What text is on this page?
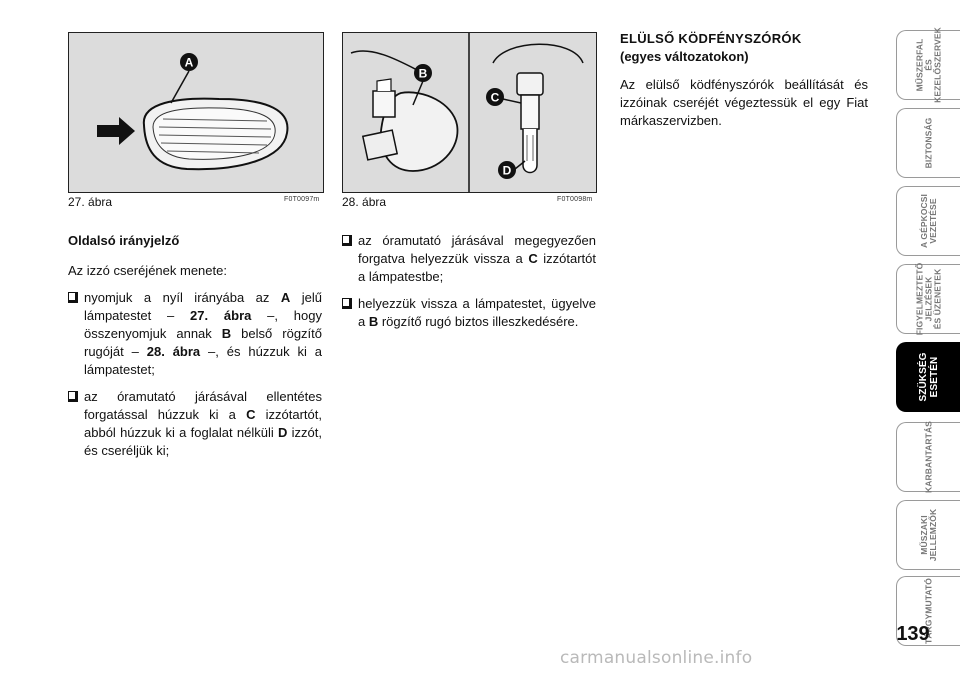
A
27. ábra	F0T0097m
B
C
D
28. ábra	F0T0098m
Oldalsó irányjelző
Az izzó cseréjének menete:
nyomjuk a nyíl irányába az A jelű lámpatestet – 27. ábra –, hogy összenyomjuk annak B belső rögzítő rugóját – 28. ábra –, és húzzuk ki a lámpatestet;
az óramutató járásával ellentétes forgatással húzzuk ki a C izzótartót, abból húzzuk ki a foglalat nélküli D izzót, és cseréljük ki;
az óramutató járásával megegyezően forgatva helyezzük vissza a C izzótartót a lámpatestbe;
helyezzük vissza a lámpatestet, ügyelve a B rögzítő rugó biztos illeszkedésére.
ELÜLSŐ KÖDFÉNYSZÓRÓK
(egyes változatokon)

Az elülső ködfényszórók beállítását és izzóinak cseréjét végeztessük el egy Fiat márkaszervizben.

MŰSZERFAL
ÉS
KEZELŐSZERVEK
BIZTONSÁG
A GÉPKOCSI
VEZETÉSE
FIGYELMEZTETŐ
JELZÉSEK
ÉS ÜZENETEK
SZÜKSÉG
ESETÉN
KARBANTARTÁS
MŰSZAKI
JELLEMZŐK
TÁRGYMUTATÓ
139
carmanualsonline.info
